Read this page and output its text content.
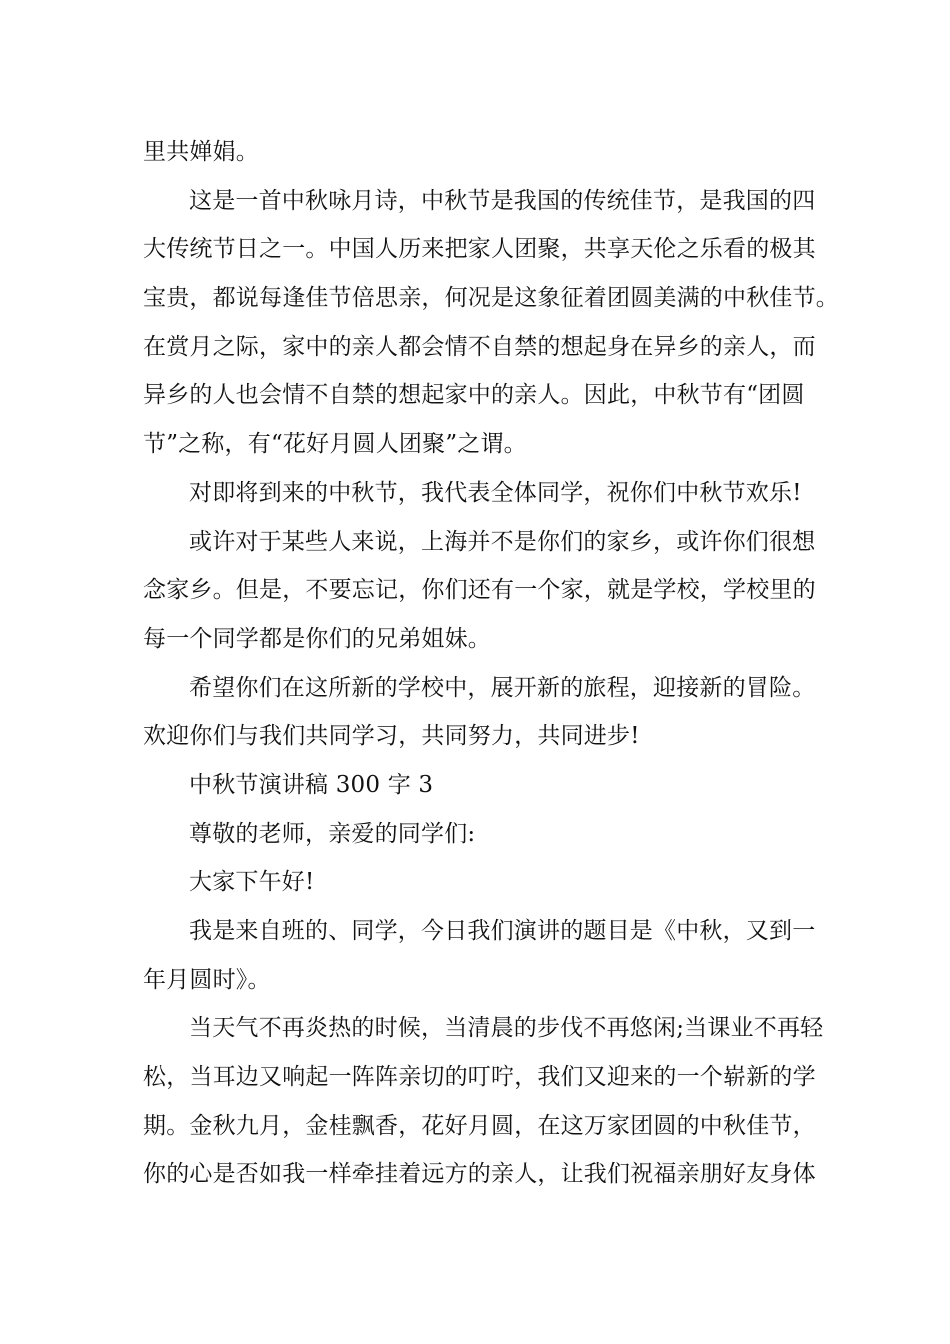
里共婵娟。
这是一首中秋咏月诗，中秋节是我国的传统佳节，是我国的四
大传统节日之一。中国人历来把家人团聚，共享天伦之乐看的极其
宝贵，都说每逢佳节倍思亲，何况是这象征着团圆美满的中秋佳节。
在赏月之际，家中的亲人都会情不自禁的想起身在异乡的亲人，而
异乡的人也会情不自禁的想起家中的亲人。因此，中秋节有“团圆
节”之称，有“花好月圆人团聚”之谓。
对即将到来的中秋节，我代表全体同学，祝你们中秋节欢乐!
或许对于某些人来说，上海并不是你们的家乡，或许你们很想
念家乡。但是，不要忘记，你们还有一个家，就是学校，学校里的
每一个同学都是你们的兄弟姐妹。
希望你们在这所新的学校中，展开新的旅程，迎接新的冒险。
欢迎你们与我们共同学习，共同努力，共同进步!
中秋节演讲稿 300 字 3
尊敬的老师，亲爱的同学们:
大家下午好!
我是来自班的、同学，今日我们演讲的题目是《中秋，又到一
年月圆时》。
当天气不再炎热的时候，当清晨的步伐不再悠闲;当课业不再轻
松，当耳边又响起一阵阵亲切的叮咛，我们又迎来的一个崭新的学
期。金秋九月，金桂飘香，花好月圆，在这万家团圆的中秋佳节，
你的心是否如我一样牵挂着远方的亲人，让我们祝福亲朋好友身体
